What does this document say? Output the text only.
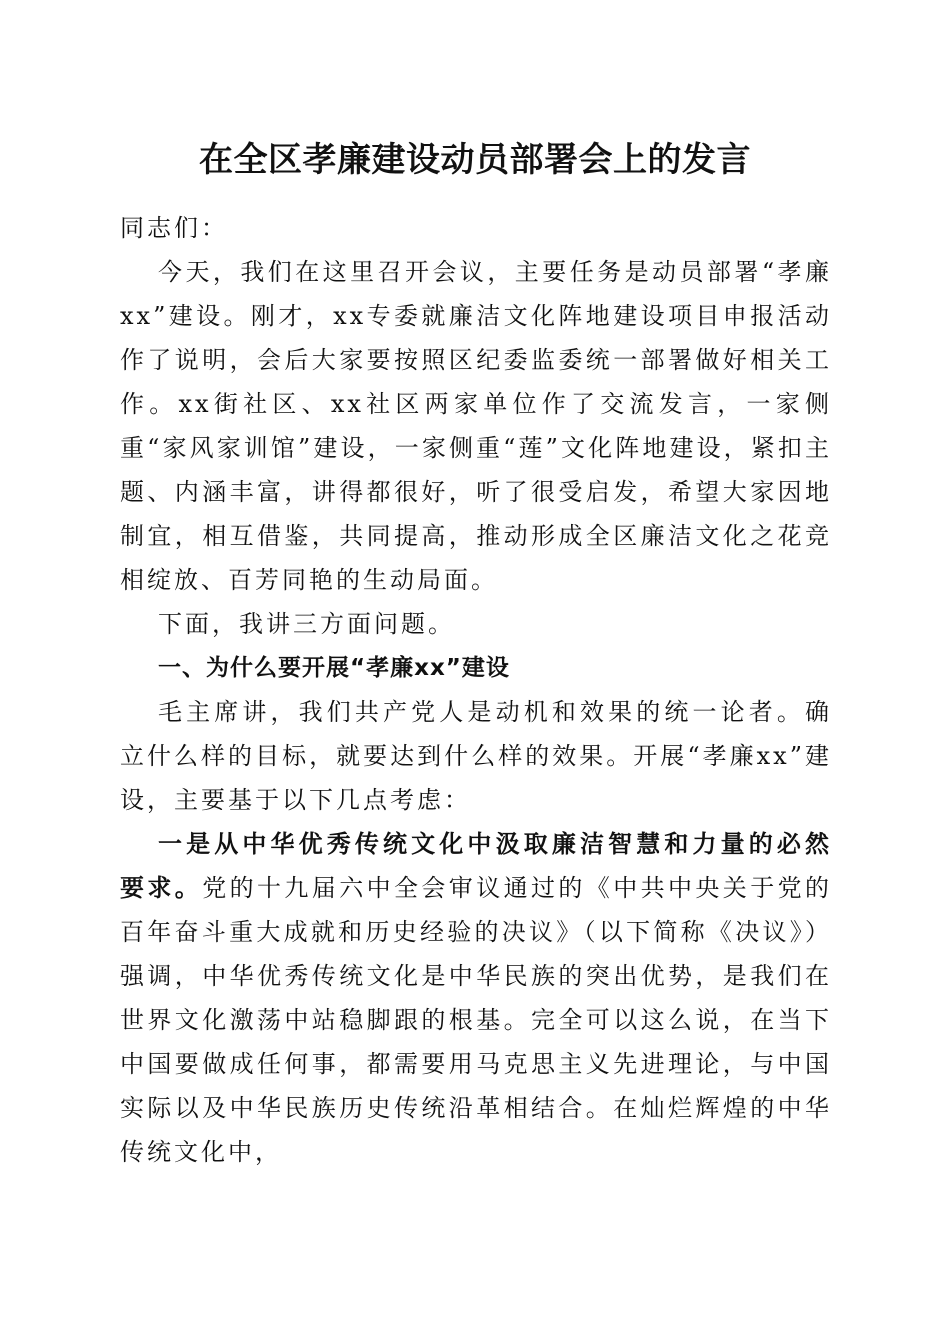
在全区孝廉建设动员部署会上的发言

同志们：

今天，我们在这里召开会议，主要任务是动员部署“孝廉xx”建设。刚才，xx专委就廉洁文化阵地建设项目申报活动作了说明，会后大家要按照区纪委监委统一部署做好相关工作。xx街社区、xx社区两家单位作了交流发言，一家侧重“家风家训馆”建设，一家侧重“莲”文化阵地建设，紧扣主题、内涵丰富，讲得都很好，听了很受启发，希望大家因地制宜，相互借鉴，共同提高，推动形成全区廉洁文化之花竞相绽放、百芳同艳的生动局面。

下面，我讲三方面问题。

一、为什么要开展“孝廉xx”建设

毛主席讲，我们共产党人是动机和效果的统一论者。确立什么样的目标，就要达到什么样的效果。开展“孝廉xx”建设，主要基于以下几点考虑：

一是从中华优秀传统文化中汲取廉洁智慧和力量的必然要求。党的十九届六中全会审议通过的《中共中央关于党的百年奋斗重大成就和历史经验的决议》（以下简称《决议》）强调，中华优秀传统文化是中华民族的突出优势，是我们在世界文化激荡中站稳脚跟的根基。完全可以这么说，在当下中国要做成任何事，都需要用马克思主义先进理论，与中国实际以及中华民族历史传统沿革相结合。在灿烂辉煌的中华传统文化中，
